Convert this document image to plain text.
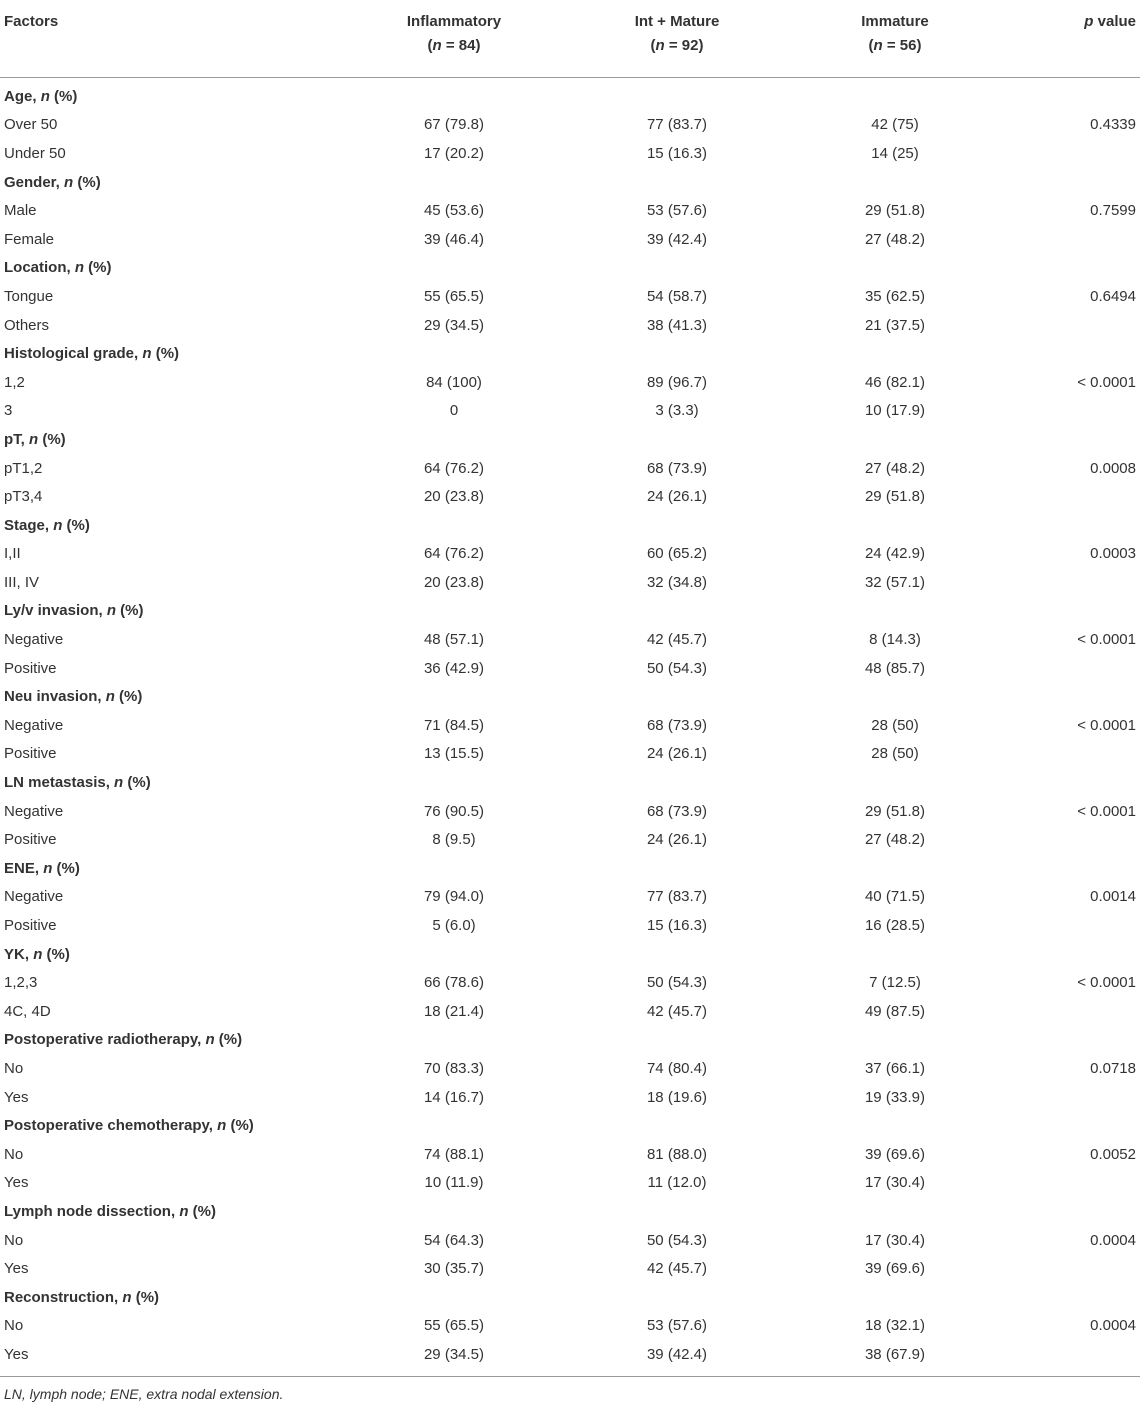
Factors	Inflammatory	Int + Mature	Immature	p value
	(n = 84)	(n = 92)	(n = 56)	
Age, n (%)				
Over 50	67 (79.8)	77 (83.7)	42 (75)	0.4339
Under 50	17 (20.2)	15 (16.3)	14 (25)	
Gender, n (%)				
Male	45 (53.6)	53 (57.6)	29 (51.8)	0.7599
Female	39 (46.4)	39 (42.4)	27 (48.2)	
Location, n (%)				
Tongue	55 (65.5)	54 (58.7)	35 (62.5)	0.6494
Others	29 (34.5)	38 (41.3)	21 (37.5)	
Histological grade, n (%)				
1,2	84 (100)	89 (96.7)	46 (82.1)	< 0.0001
3	0	3 (3.3)	10 (17.9)	
pT, n (%)				
pT1,2	64 (76.2)	68 (73.9)	27 (48.2)	0.0008
pT3,4	20 (23.8)	24 (26.1)	29 (51.8)	
Stage, n (%)				
I,II	64 (76.2)	60 (65.2)	24 (42.9)	0.0003
III, IV	20 (23.8)	32 (34.8)	32 (57.1)	
Ly/v invasion, n (%)				
Negative	48 (57.1)	42 (45.7)	8 (14.3)	< 0.0001
Positive	36 (42.9)	50 (54.3)	48 (85.7)	
Neu invasion, n (%)				
Negative	71 (84.5)	68 (73.9)	28 (50)	< 0.0001
Positive	13 (15.5)	24 (26.1)	28 (50)	
LN metastasis, n (%)				
Negative	76 (90.5)	68 (73.9)	29 (51.8)	< 0.0001
Positive	8 (9.5)	24 (26.1)	27 (48.2)	
ENE, n (%)				
Negative	79 (94.0)	77 (83.7)	40 (71.5)	0.0014
Positive	5 (6.0)	15 (16.3)	16 (28.5)	
YK, n (%)				
1,2,3	66 (78.6)	50 (54.3)	7 (12.5)	< 0.0001
4C, 4D	18 (21.4)	42 (45.7)	49 (87.5)	
Postoperative radiotherapy, n (%)				
No	70 (83.3)	74 (80.4)	37 (66.1)	0.0718
Yes	14 (16.7)	18 (19.6)	19 (33.9)	
Postoperative chemotherapy, n (%)				
No	74 (88.1)	81 (88.0)	39 (69.6)	0.0052
Yes	10 (11.9)	11 (12.0)	17 (30.4)	
Lymph node dissection, n (%)				
No	54 (64.3)	50 (54.3)	17 (30.4)	0.0004
Yes	30 (35.7)	42 (45.7)	39 (69.6)	
Reconstruction, n (%)				
No	55 (65.5)	53 (57.6)	18 (32.1)	0.0004
Yes	29 (34.5)	39 (42.4)	38 (67.9)	
LN, lymph node; ENE, extra nodal extension.
